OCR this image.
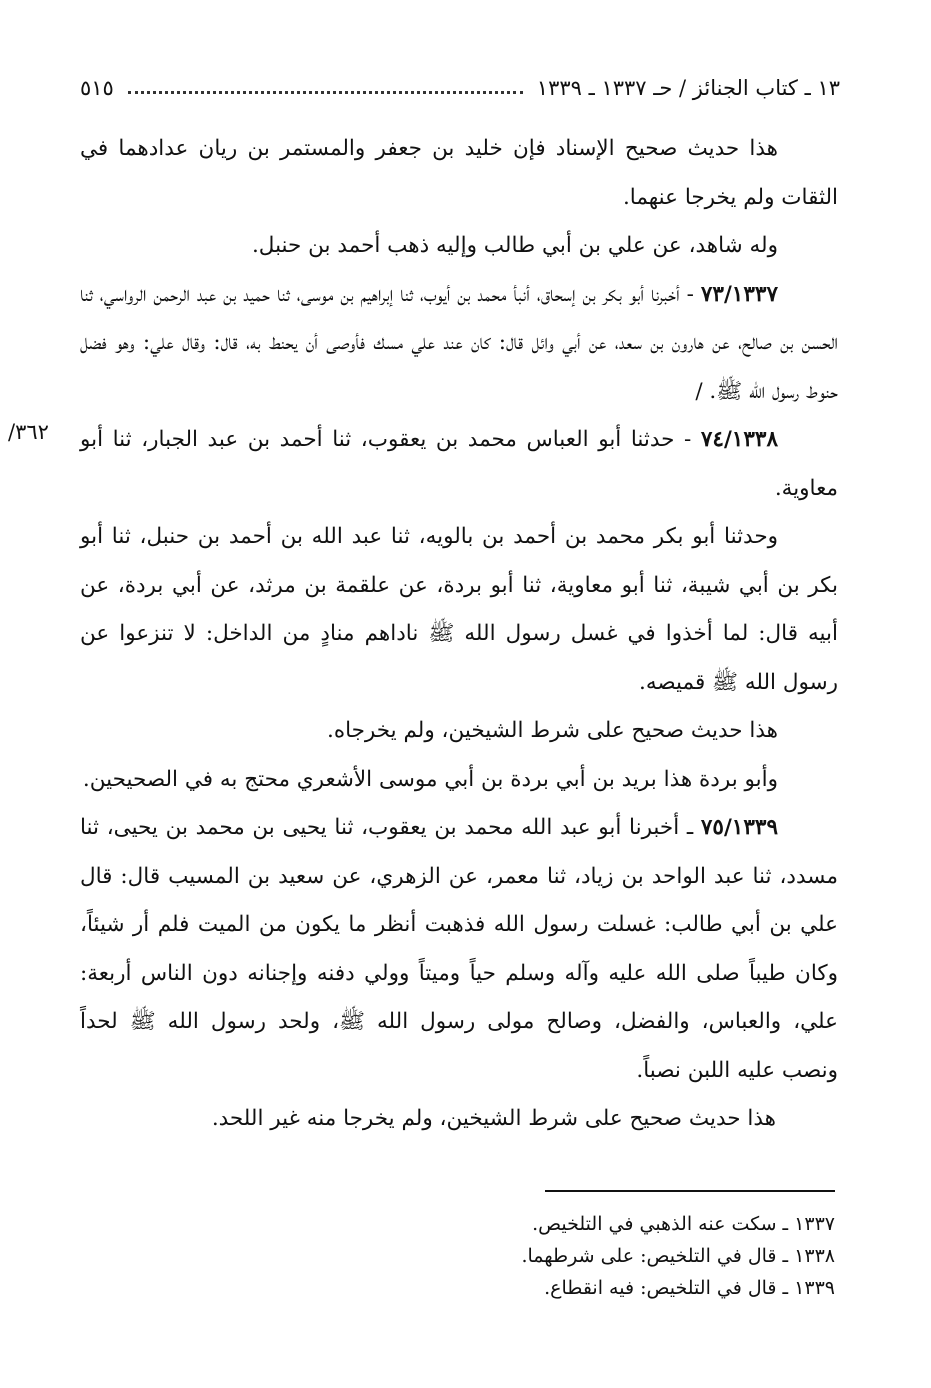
١٣ ـ كتاب الجنائز / حـ ١٣٣٧ ـ ١٣٣٩
٥١٥
/٣٦٢

هذا حديث صحيح الإسناد فإن خليد بن جعفر والمستمر بن ريان عدادهما في الثقات ولم يخرجا عنهما.

وله شاهد، عن علي بن أبي طالب وإليه ذهب أحمد بن حنبل.

٧٣/١٣٣٧ - أخبرنا أبو بكر بن إسحاق، أنبأ محمد بن أيوب، ثنا إبراهيم بن موسى، ثنا حميد بن عبد الرحمن الرواسي، ثنا الحسن بن صالح، عن هارون بن سعد، عن أبي وائل قال: كان عند علي مسك فأوصى أن يحنط به، قال: وقال علي: وهو فضل حنوط رسول الله ﷺ. /

٧٤/١٣٣٨ - حدثنا أبو العباس محمد بن يعقوب، ثنا أحمد بن عبد الجبار، ثنا أبو معاوية.

وحدثنا أبو بكر محمد بن أحمد بن بالويه، ثنا عبد الله بن أحمد بن حنبل، ثنا أبو بكر بن أبي شيبة، ثنا أبو معاوية، ثنا أبو بردة، عن علقمة بن مرثد، عن أبي بردة، عن أبيه قال: لما أخذوا في غسل رسول الله ﷺ ناداهم منادٍ من الداخل: لا تنزعوا عن رسول الله ﷺ قميصه.

هذا حديث صحيح على شرط الشيخين، ولم يخرجاه.

وأبو بردة هذا بريد بن أبي بردة بن أبي موسى الأشعري محتج به في الصحيحين.

٧٥/١٣٣٩ ـ أخبرنا أبو عبد الله محمد بن يعقوب، ثنا يحيى بن محمد بن يحيى، ثنا مسدد، ثنا عبد الواحد بن زياد، ثنا معمر، عن الزهري، عن سعيد بن المسيب قال: قال علي بن أبي طالب: غسلت رسول الله فذهبت أنظر ما يكون من الميت فلم أر شيئاً، وكان طيباً صلى الله عليه وآله وسلم حياً وميتاً وولي دفنه وإجنانه دون الناس أربعة: علي، والعباس، والفضل، وصالح مولى رسول الله ﷺ، ولحد رسول الله ﷺ لحداً ونصب عليه اللبن نصباً.

هذا حديث صحيح على شرط الشيخين، ولم يخرجا منه غير اللحد.

١٣٣٧ ـ سكت عنه الذهبي في التلخيص.

١٣٣٨ ـ قال في التلخيص: على شرطهما.

١٣٣٩ ـ قال في التلخيص: فيه انقطاع.
